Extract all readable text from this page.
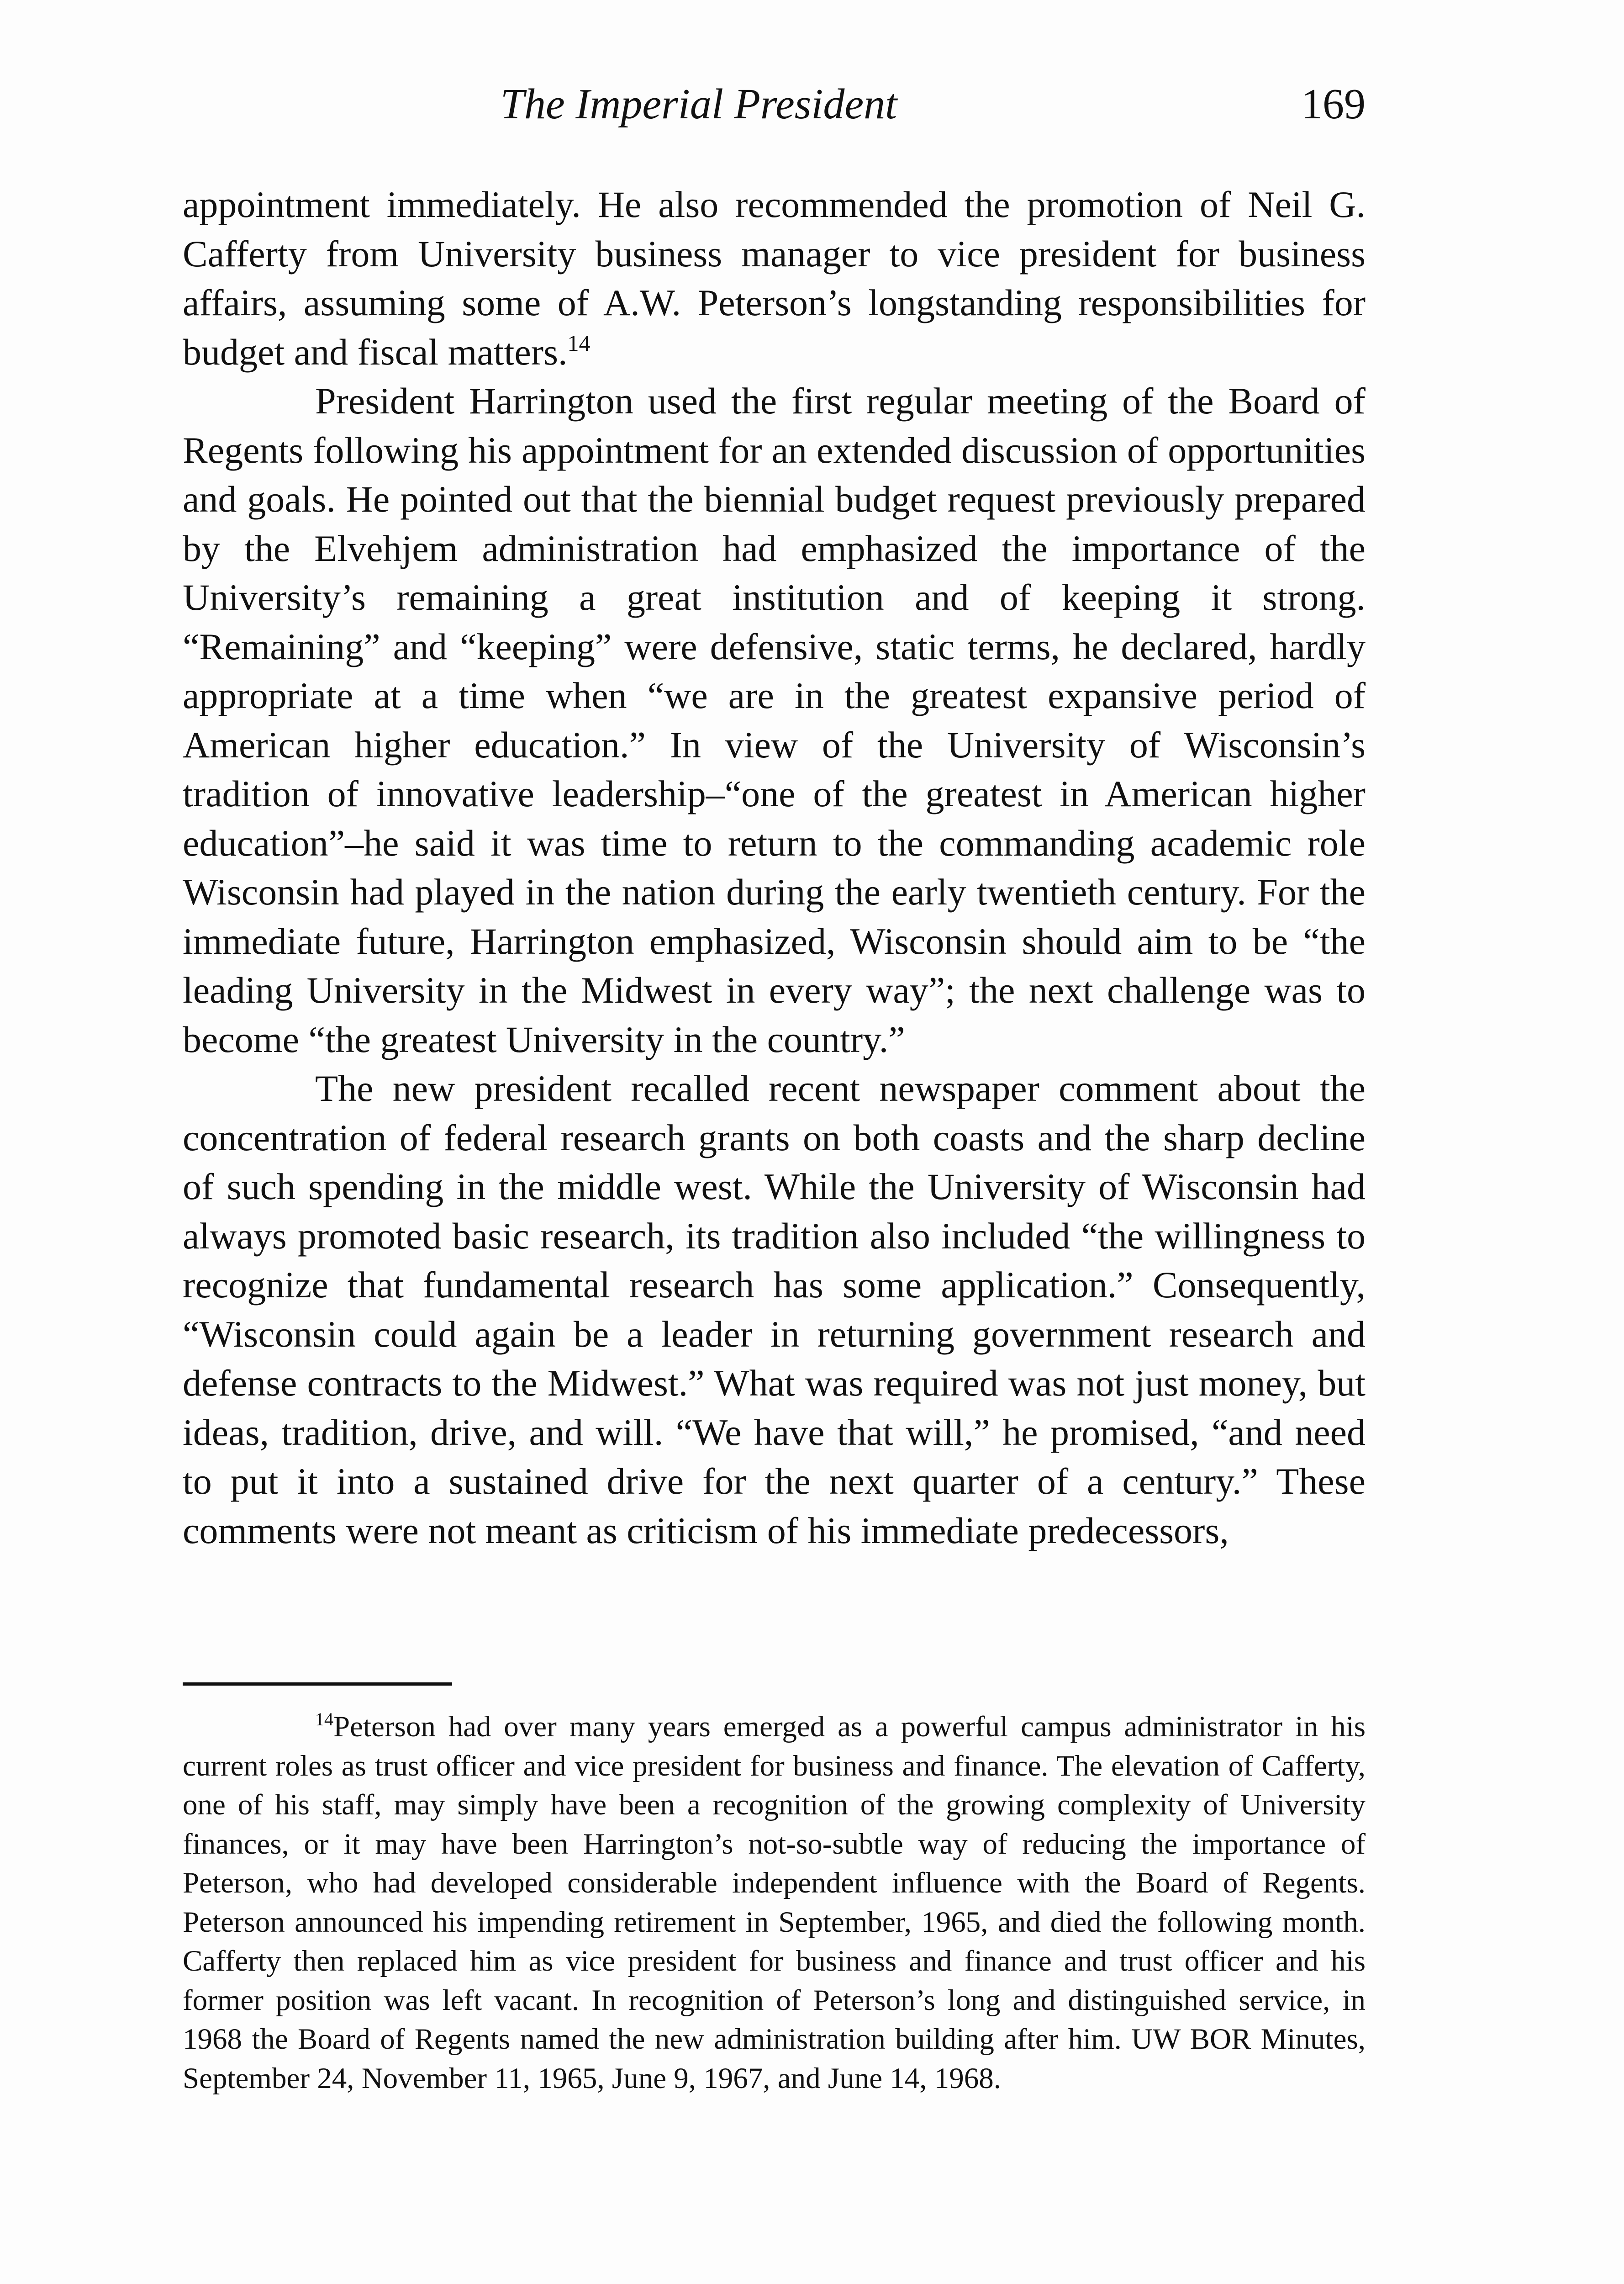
The Imperial President	169

appointment immediately. He also recommended the promotion of Neil G. Cafferty from University business manager to vice president for business affairs, assuming some of A.W. Peterson’s longstanding responsibilities for budget and fiscal matters.$^{14}$

President Harrington used the first regular meeting of the Board of Regents following his appointment for an extended discussion of opportunities and goals. He pointed out that the biennial budget request previously prepared by the Elvehjem administration had emphasized the importance of the University’s remaining a great institution and of keeping it strong. “Remaining” and “keeping” were defensive, static terms, he declared, hardly appropriate at a time when “we are in the greatest expansive period of American higher education.” In view of the University of Wisconsin’s tradition of innovative leadership–“one of the greatest in American higher education”–he said it was time to return to the commanding academic role Wisconsin had played in the nation during the early twentieth century. For the immediate future, Harrington emphasized, Wisconsin should aim to be “the leading University in the Midwest in every way”; the next challenge was to become “the greatest University in the country.”

The new president recalled recent newspaper comment about the concentration of federal research grants on both coasts and the sharp decline of such spending in the middle west. While the University of Wisconsin had always promoted basic research, its tradition also included “the willingness to recognize that fundamental research has some application.” Consequently, “Wisconsin could again be a leader in returning government research and defense contracts to the Midwest.” What was required was not just money, but ideas, tradition, drive, and will. “We have that will,” he promised, “and need to put it into a sustained drive for the next quarter of a century.” These comments were not meant as criticism of his immediate predecessors,

$^{14}$Peterson had over many years emerged as a powerful campus administrator in his current roles as trust officer and vice president for business and finance. The elevation of Cafferty, one of his staff, may simply have been a recognition of the growing complexity of University finances, or it may have been Harrington’s not-so-subtle way of reducing the importance of Peterson, who had developed considerable independent influence with the Board of Regents. Peterson announced his impending retirement in September, 1965, and died the following month. Cafferty then replaced him as vice president for business and finance and trust officer and his former position was left vacant. In recognition of Peterson’s long and distinguished service, in 1968 the Board of Regents named the new administration building after him. UW BOR Minutes, September 24, November 11, 1965, June 9, 1967, and June 14, 1968.
